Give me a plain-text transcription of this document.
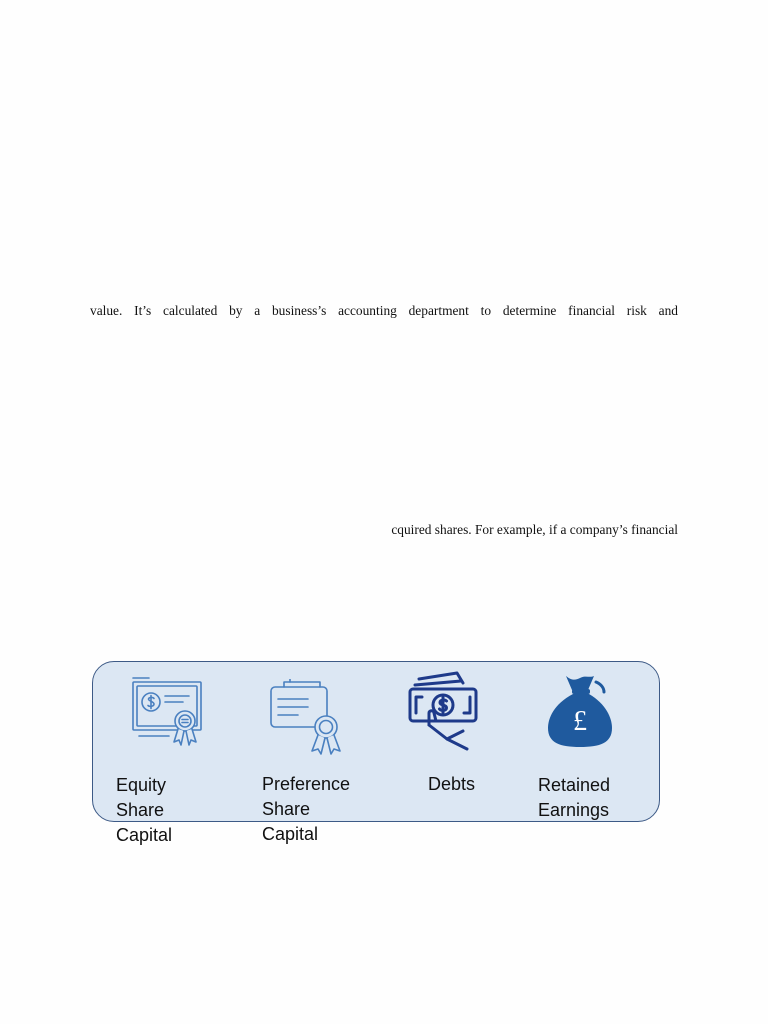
value. It’s calculated by a business’s accounting department to determine financial risk and
cquired shares. For example, if a company’s financial
Equity Share
Capital
Preference Share
Capital
Debts
£
Retained
Earnings
